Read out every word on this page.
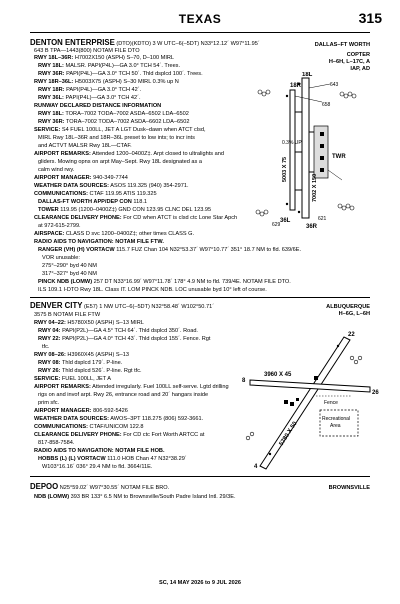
TEXAS	315
DENTON ENTERPRISE (DTO)(KDTO) 3 W UTC–6(–5DT) N33°12.12´ W97°11.95´	DALLAS–FT WORTH
COPTER
H–6H, L–17C, A
IAP, AD
643 B TPA—1443(800) NOTAM FILE DTO
RWY 18L–36R: H7002X150 (ASPH) S–70, D–100 MIRL
RWY 18L: MALSR. PAPI(P4L)—GA 3.0° TCH 54´. Trees.
RWY 36R: PAPI(P4L)—GA 3.0° TCH 50´. Thld dsplcd 100´. Trees.
RWY 18R–36L: H5003X75 (ASPH) S–30 MIRL 0.3% up N
RWY 18R: PAPI(P4L)—GA 3.0° TCH 42´.
RWY 36L: PAPI(P4L)—GA 3.0° TCH 42´.
RUNWAY DECLARED DISTANCE INFORMATION
RWY 18L: TORA–7002 TODA–7002 ASDA–6502 LDA–6502
RWY 36R: TORA–7002 TODA–7002 ASDA–6602 LDA–6502
SERVICE: S4 FUEL 100LL, JET A LGT Dusk–dawn when ATCT clsd,
MIRL Rwy 18L–36R and 18R–36L preset to low ints; to incr ints
and ACTVT MALSR Rwy 18L—CTAF.
AIRPORT REMARKS: Attended 1200–0400Z‡. Arpt closed to ultralights and
gliders. Mowing opns on arpt May–Sept. Rwy 18L designated as a
calm wind rwy.
AIRPORT MANAGER: 940-349-7744
WEATHER DATA SOURCES: ASOS 119.325 (940) 354-2971.
COMMUNICATIONS: CTAF 119.95 ATIS 119.325
DALLAS-FT WORTH APP/DEP CON 118.1
TOWER 119.95 (1200–0400Z‡) GND CON 123.95 CLNC DEL 123.95
CLEARANCE DELIVERY PHONE: For CD when ATCT is clsd ctc Lone Star Apch
at 972-615-2799.
AIRSPACE: CLASS D svc 1200–0400Z‡; other times CLASS G.
RADIO AIDS TO NAVIGATION: NOTAM FILE FTW.
RANGER (VH) (H) VORTACW 115.7 FUZ Chan 104 N32°53.37´ W97°10.77´ 351° 18.7 NM to fld. 639/6E.
VOR unusable:
275°–290° byd 40 NM
317°–327° byd 40 NM
PINCK NDB (LOMW) 257 DT N33°16.99´ W97°11.78´ 178° 4.9 NM to fld. 739/4E. NOTAM FILE DTO.
ILS 109.1 I-DTO Rwy 18L. Class IT. LOM PINCK NDB. LOC unusable byd 10° left of course.
18R
18L
36L
36R
658
643
629
621
TWR
0.3% UP
5003 X 75
7002 X 150
DENVER CITY (E57) 1 NW UTC–6(–5DT) N32°58.48´ W102°50.71´	ALBUQUERQUE
H–6G, L–6H
3575 B NOTAM FILE FTW
RWY 04–22: H5780X50 (ASPH) S–13 MIRL
RWY 04: PAPI(P2L)—GA 4.5° TCH 64´. Thld dsplcd 350´. Road.
RWY 22: PAPI(P2L)—GA 4.0° TCH 43´. Thld dsplcd 155´. Fence. Rgt
tfc.
RWY 08–26: H3960X45 (ASPH) S–13
RWY 08: Thld dsplcd 179´. P-line.
RWY 26: Thld dsplcd 526´. P-line. Rgt tfc.
SERVICE: FUEL 100LL, JET A
AIRPORT REMARKS: Attended irregularly. Fuel 100LL self-serve. Lgtd drilling
rigs on and invof arpt. Rwy 26, entrance road and 20´ hangars inside
prim sfc.
AIRPORT MANAGER: 806-592-5426
WEATHER DATA SOURCES: AWOS–3PT 118.275 (806) 592-3661.
COMMUNICATIONS: CTAF/UNICOM 122.8
CLEARANCE DELIVERY PHONE: For CD ctc Fort Worth ARTCC at
817-858-7584.
RADIO AIDS TO NAVIGATION: NOTAM FILE HOB.
HOBBS (L) (L) VORTACW 111.0 HOB Chan 47 N32°38.29´
W103°16.16´ 036° 29.4 NM to fld. 3664/11E.	4
22
8
26
3960 X 45
5780 X 50
Fence
Recreational
Area
DEPOO N25°59.02´ W97°30.55´ NOTAM FILE BRO.	BROWNSVILLE
NDB (LOMW) 393 BR 133° 6.5 NM to Brownsville/South Padre Island Intl. 29/3E.
SC, 14 MAY 2026 to 9 JUL 2026
